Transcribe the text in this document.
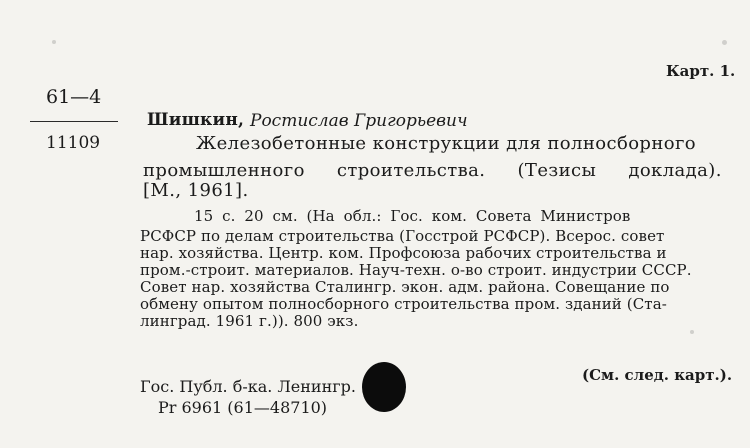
Карт. 1.
61—4
11109
Шишкин, Ростислав Григорьевич
Железобетонные конструкции для полносборного
промышленного строительства. (Тезисы доклада).
[М., 1961].
15 с. 20 см. (На обл.: Гос. ком. Совета Министров
РСФСР по делам строительства (Госстрой РСФСР). Всерос. совет
нар. хозяйства. Центр. ком. Профсоюза рабочих строительства и
пром.-строит. материалов. Науч-техн. о-во строит. индустрии СССР.
Совет нар. хозяйства Сталингр. экон. адм. района. Совещание по
обмену опытом полносборного строительства пром. зданий (Ста-
линград. 1961 г.)). 800 экз.
(См. след. карт.).
Гос. Публ. б-ка. Ленингр.
Pr 6961 (61—48710)
